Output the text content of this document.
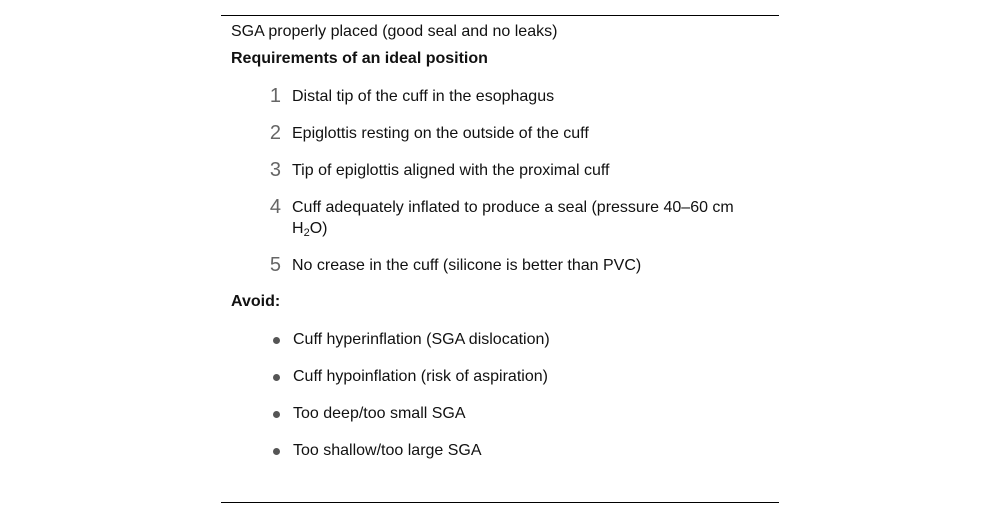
SGA properly placed (good seal and no leaks)
Requirements of an ideal position
1 Distal tip of the cuff in the esophagus
2 Epiglottis resting on the outside of the cuff
3 Tip of epiglottis aligned with the proximal cuff
4 Cuff adequately inflated to produce a seal (pressure 40–60 cm $H_2O$)
5 No crease in the cuff (silicone is better than PVC)
Avoid:
Cuff hyperinflation (SGA dislocation)
Cuff hypoinflation (risk of aspiration)
Too deep/too small SGA
Too shallow/too large SGA
